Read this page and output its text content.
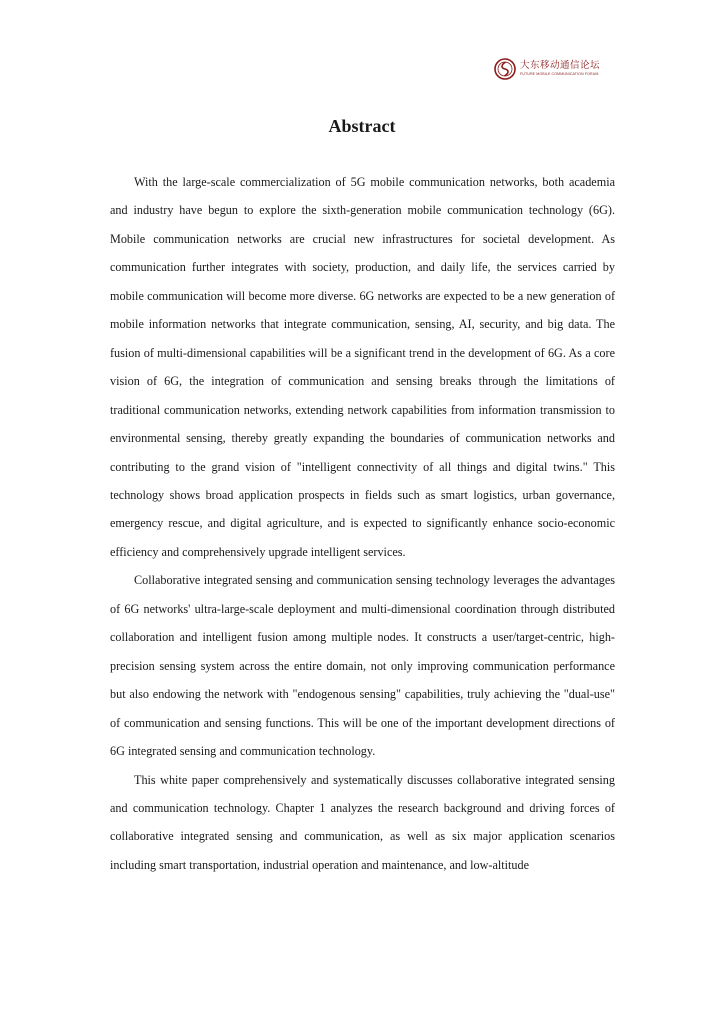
大东移动通信论坛
FUTURE MOBILE COMMUNICATION FORUM
Abstract

With the large-scale commercialization of 5G mobile communication networks, both academia and industry have begun to explore the sixth-generation mobile communication technology (6G). Mobile communication networks are crucial new infrastructures for societal development. As communication further integrates with society, production, and daily life, the services carried by mobile communication will become more diverse. 6G networks are expected to be a new generation of mobile information networks that integrate communication, sensing, AI, security, and big data. The fusion of multi-dimensional capabilities will be a significant trend in the development of 6G. As a core vision of 6G, the integration of communication and sensing breaks through the limitations of traditional communication networks, extending network capabilities from information transmission to environmental sensing, thereby greatly expanding the boundaries of communication networks and contributing to the grand vision of "intelligent connectivity of all things and digital twins." This technology shows broad application prospects in fields such as smart logistics, urban governance, emergency rescue, and digital agriculture, and is expected to significantly enhance socio-economic efficiency and comprehensively upgrade intelligent services.

Collaborative integrated sensing and communication sensing technology leverages the advantages of 6G networks' ultra-large-scale deployment and multi-dimensional coordination through distributed collaboration and intelligent fusion among multiple nodes. It constructs a user/target-centric, high-precision sensing system across the entire domain, not only improving communication performance but also endowing the network with "endogenous sensing" capabilities, truly achieving the "dual-use" of communication and sensing functions. This will be one of the important development directions of 6G integrated sensing and communication technology.

This white paper comprehensively and systematically discusses collaborative integrated sensing and communication technology. Chapter 1 analyzes the research background and driving forces of collaborative integrated sensing and communication, as well as six major application scenarios including smart transportation, industrial operation and maintenance, and low-altitude
